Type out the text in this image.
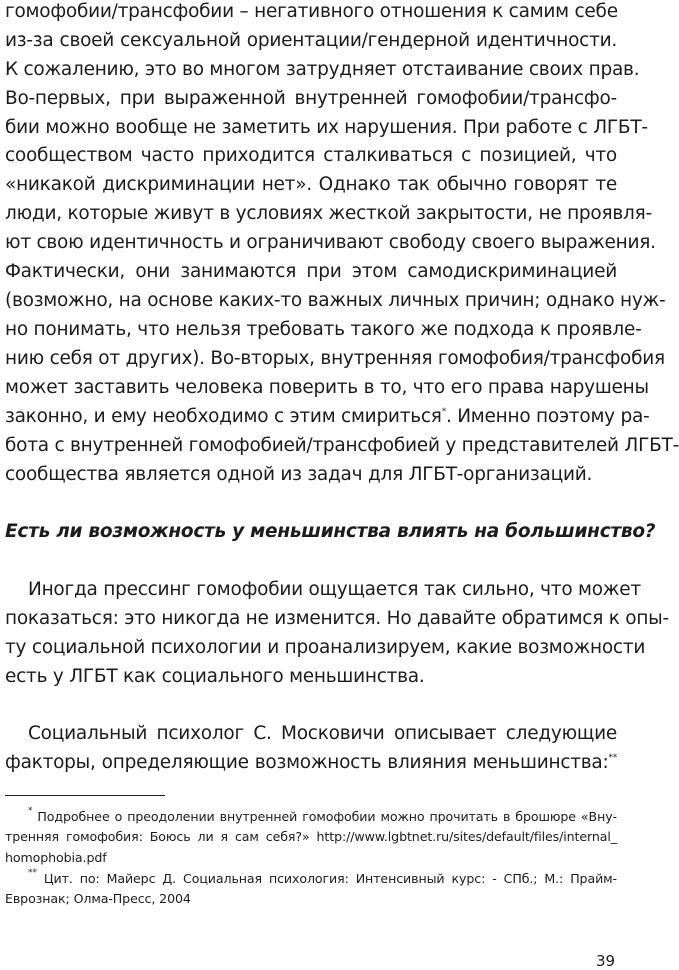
гомофобии/трансфобии – негативного отношения к самим себе
из-за своей сексуальной ориентации/гендерной идентичности.
К сожалению, это во многом затрудняет отстаивание своих прав.
Во-первых, при выраженной внутренней гомофобии/трансфо-
бии можно вообще не заметить их нарушения. При работе с ЛГБТ-
сообществом часто приходится сталкиваться с позицией, что
«никакой дискриминации нет». Однако так обычно говорят те
люди, которые живут в условиях жесткой закрытости, не проявля-
ют свою идентичность и ограничивают свободу своего выражения.
Фактически, они занимаются при этом самодискриминацией
(возможно, на основе каких-то важных личных причин; однако нуж-
но понимать, что нельзя требовать такого же подхода к проявле-
нию себя от других). Во-вторых, внутренняя гомофобия/трансфобия
может заставить человека поверить в то, что его права нарушены
законно, и ему необходимо с этим смириться*. Именно поэтому ра-
бота с внутренней гомофобией/трансфобией у представителей ЛГБТ-
сообщества является одной из задач для ЛГБТ-организаций.
Есть ли возможность у меньшинства влиять на большинство?
Иногда прессинг гомофобии ощущается так сильно, что может
показаться: это никогда не изменится. Но давайте обратимся к опы-
ту социальной психологии и проанализируем, какие возможности
есть у ЛГБТ как социального меньшинства.
Социальный психолог С. Московичи описывает следующие
факторы, определяющие возможность влияния меньшинства:**
* Подробнее о преодолении внутренней гомофобии можно прочитать в брошюре «Вну-
тренняя гомофобия: Боюсь ли я сам себя?» http://www.lgbtnet.ru/sites/default/files/internal_
homophobia.pdf
** Цит. по: Майерс Д. Социальная психология: Интенсивный курс: - СПб.; М.: Прайм-
Еврознак; Олма-Пресс, 2004
39
